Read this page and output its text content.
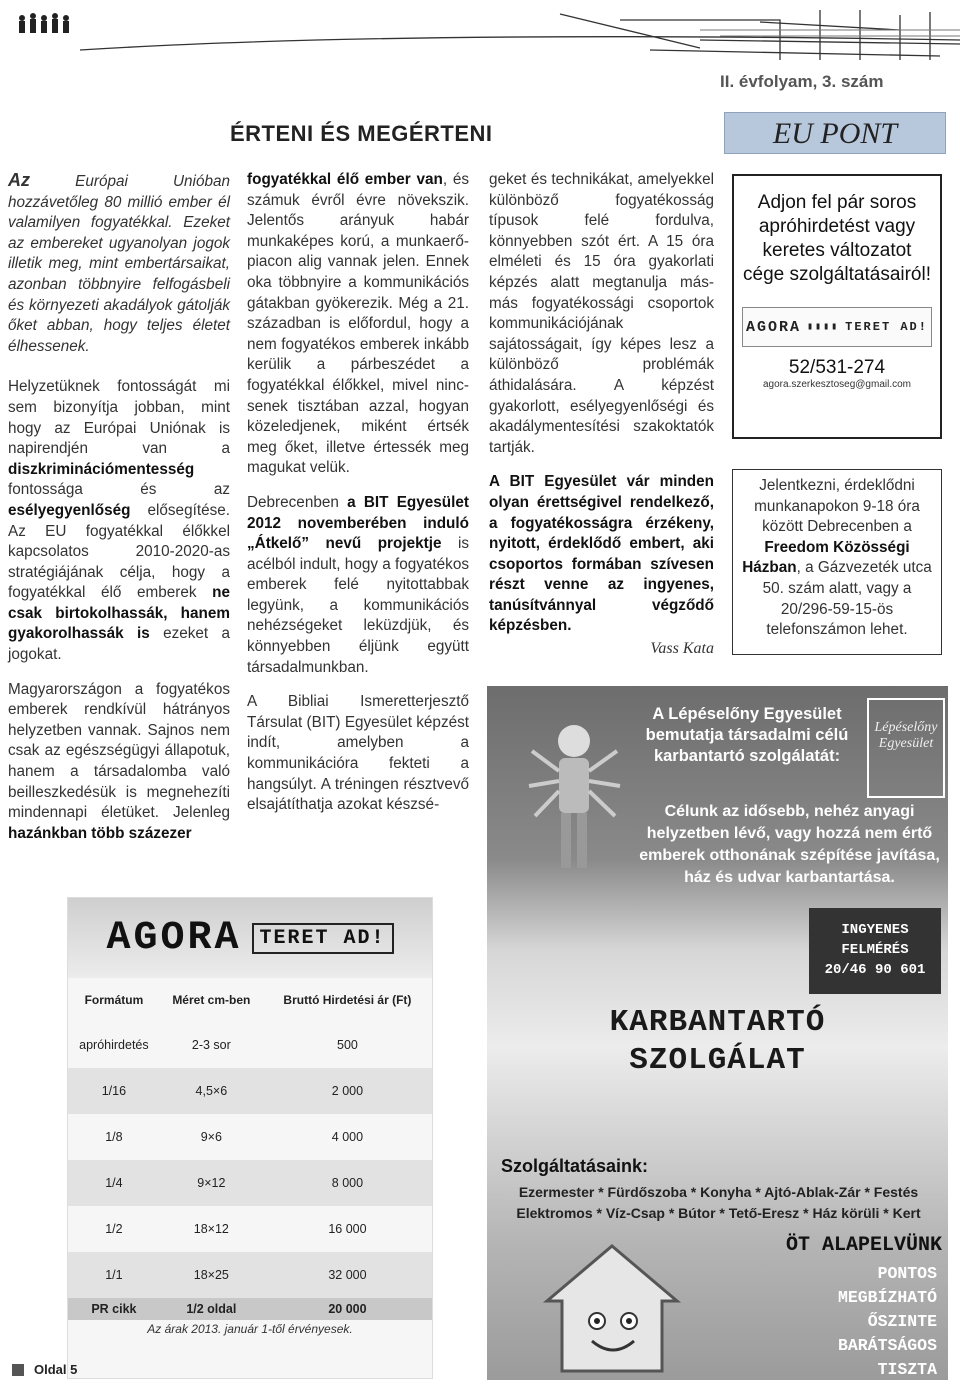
II. évfolyam, 3. szám
ÉRTENI ÉS MEGÉRTENI	EU PONT

Az Európai Unióban hozzávetőleg 80 millió ember él valamilyen fogyatékkal. Ezeket az embereket ugyanolyan jogok illetik meg, mint embertársaikat, azonban többnyire felfogásbeli és környezeti akadályok gátolják őket abban, hogy teljes életet élhessenek.

Helyzetüknek fontosságát mi sem bizonyítja jobban, mint hogy az Európai Uniónak is napirendjén van a diszkriminációmentesség fontossága és az esélyegyenlőség elősegítése. Az EU fogyatékkal élőkkel kapcsolatos 2010-2020-as stratégiájának célja, hogy a fogyatékkal élő emberek ne csak birtokolhassák, hanem gyakorolhassák is ezeket a jogokat.

Magyarországon a fogyatékos emberek rendkívül hátrányos helyzetben vannak. Sajnos nem csak az egészségügyi állapotuk, hanem a társadalomba való beilleszkedésük is megnehezíti mindennapi életüket. Jelenleg hazánkban több százezer

fogyatékkal élő ember van, és számuk évről évre növekszik. Jelentős arányuk habár munkaképes korú, a munkaerő-piacon alig vannak jelen. Ennek oka többnyire a kommunikációs gátakban gyökerezik. Még a 21. században is előfordul, hogy a nem fogyatékos emberek inkább kerülik a párbeszédet a fogyatékkal élőkkel, mivel nincsenek tisztában azzal, hogyan közeledjenek, miként értsék meg őket, illetve értessék meg magukat velük.

Debrecenben a BIT Egyesület 2012 novemberében induló „Átkelő” nevű projektje is acélból indult, hogy a fogyatékos emberek felé nyitottabbak legyünk, a kommunikációs nehézségeket leküzdjük, és könnyebben éljünk együtt társadalmunkban.

A Bibliai Ismeretterjesztő Társulat (BIT) Egyesület képzést indít, amelyben a kommunikációra fekteti a hangsúlyt. A tréningen résztvevő elsajátíthatja azokat készsé-

geket és technikákat, amelyekkel különböző fogyatékosság típusok felé fordulva, könnyebben szót ért. A 15 óra elméleti és 15 óra gyakorlati képzés alatt megtanulja más-más fogyatékossági csoportok kommunikációjának sajátosságait, így képes lesz a különböző problémák áthidalására. A képzést gyakorlott, esélyegyenlőségi és akadálymentesítési szakoktatók tartják.

A BIT Egyesület vár minden olyan érettségivel rendelkező, a fogyatékosságra érzékeny, nyitott, érdeklődő embert, aki csoportos formában szívesen részt venne az ingyenes, tanúsítvánnyal végződő képzésben.

Vass Kata
Adjon fel pár soros apróhirdetést vagy keretes változatot cége szolgáltatásairól!
AGORA ▮▮▮▮ TERET AD!
52/531-274
agora.szerkesztoseg@gmail.com
Jelentkezni, érdeklődni munkanapokon 9-18 óra között Debrecenben a Freedom Közösségi Házban, a Gázvezeték utca 50. szám alatt, vagy a 20/296-59-15-ös telefonszámon lehet.
AGORA TERET AD!
Formátum	Méret cm-ben	Bruttó Hirdetési ár (Ft)
apróhirdetés	2-3 sor	500
1/16	4,5×6	2 000
1/8	9×6	4 000
1/4	9×12	8 000
1/2	18×12	16 000
1/1	18×25	32 000
PR cikk	1/2 oldal	20 000
Az árak 2013. január 1-től érvényesek.
A Lépéselőny Egyesület bemutatja társadalmi célú karbantartó szolgálatát:
Lépéselőny Egyesület
Célunk az idősebb, nehéz anyagi helyzetben lévő, vagy hozzá nem értő emberek otthonának szépítése javítása, ház és udvar karbantartása.
INGYENES
FELMÉRÉS
20/46 90 601
KARBANTARTÓ
SZOLGÁLAT
Szolgáltatásaink:
Ezermester * Fürdőszoba * Konyha * Ajtó-Ablak-Zár * Festés Elektromos * Víz-Csap * Bútor * Tető-Eresz * Ház körüli * Kert
ÖT ALAPELVÜNK
PONTOS
MEGBÍZHATÓ
ŐSZINTE
BARÁTSÁGOS
TISZTA
Oldal 5
